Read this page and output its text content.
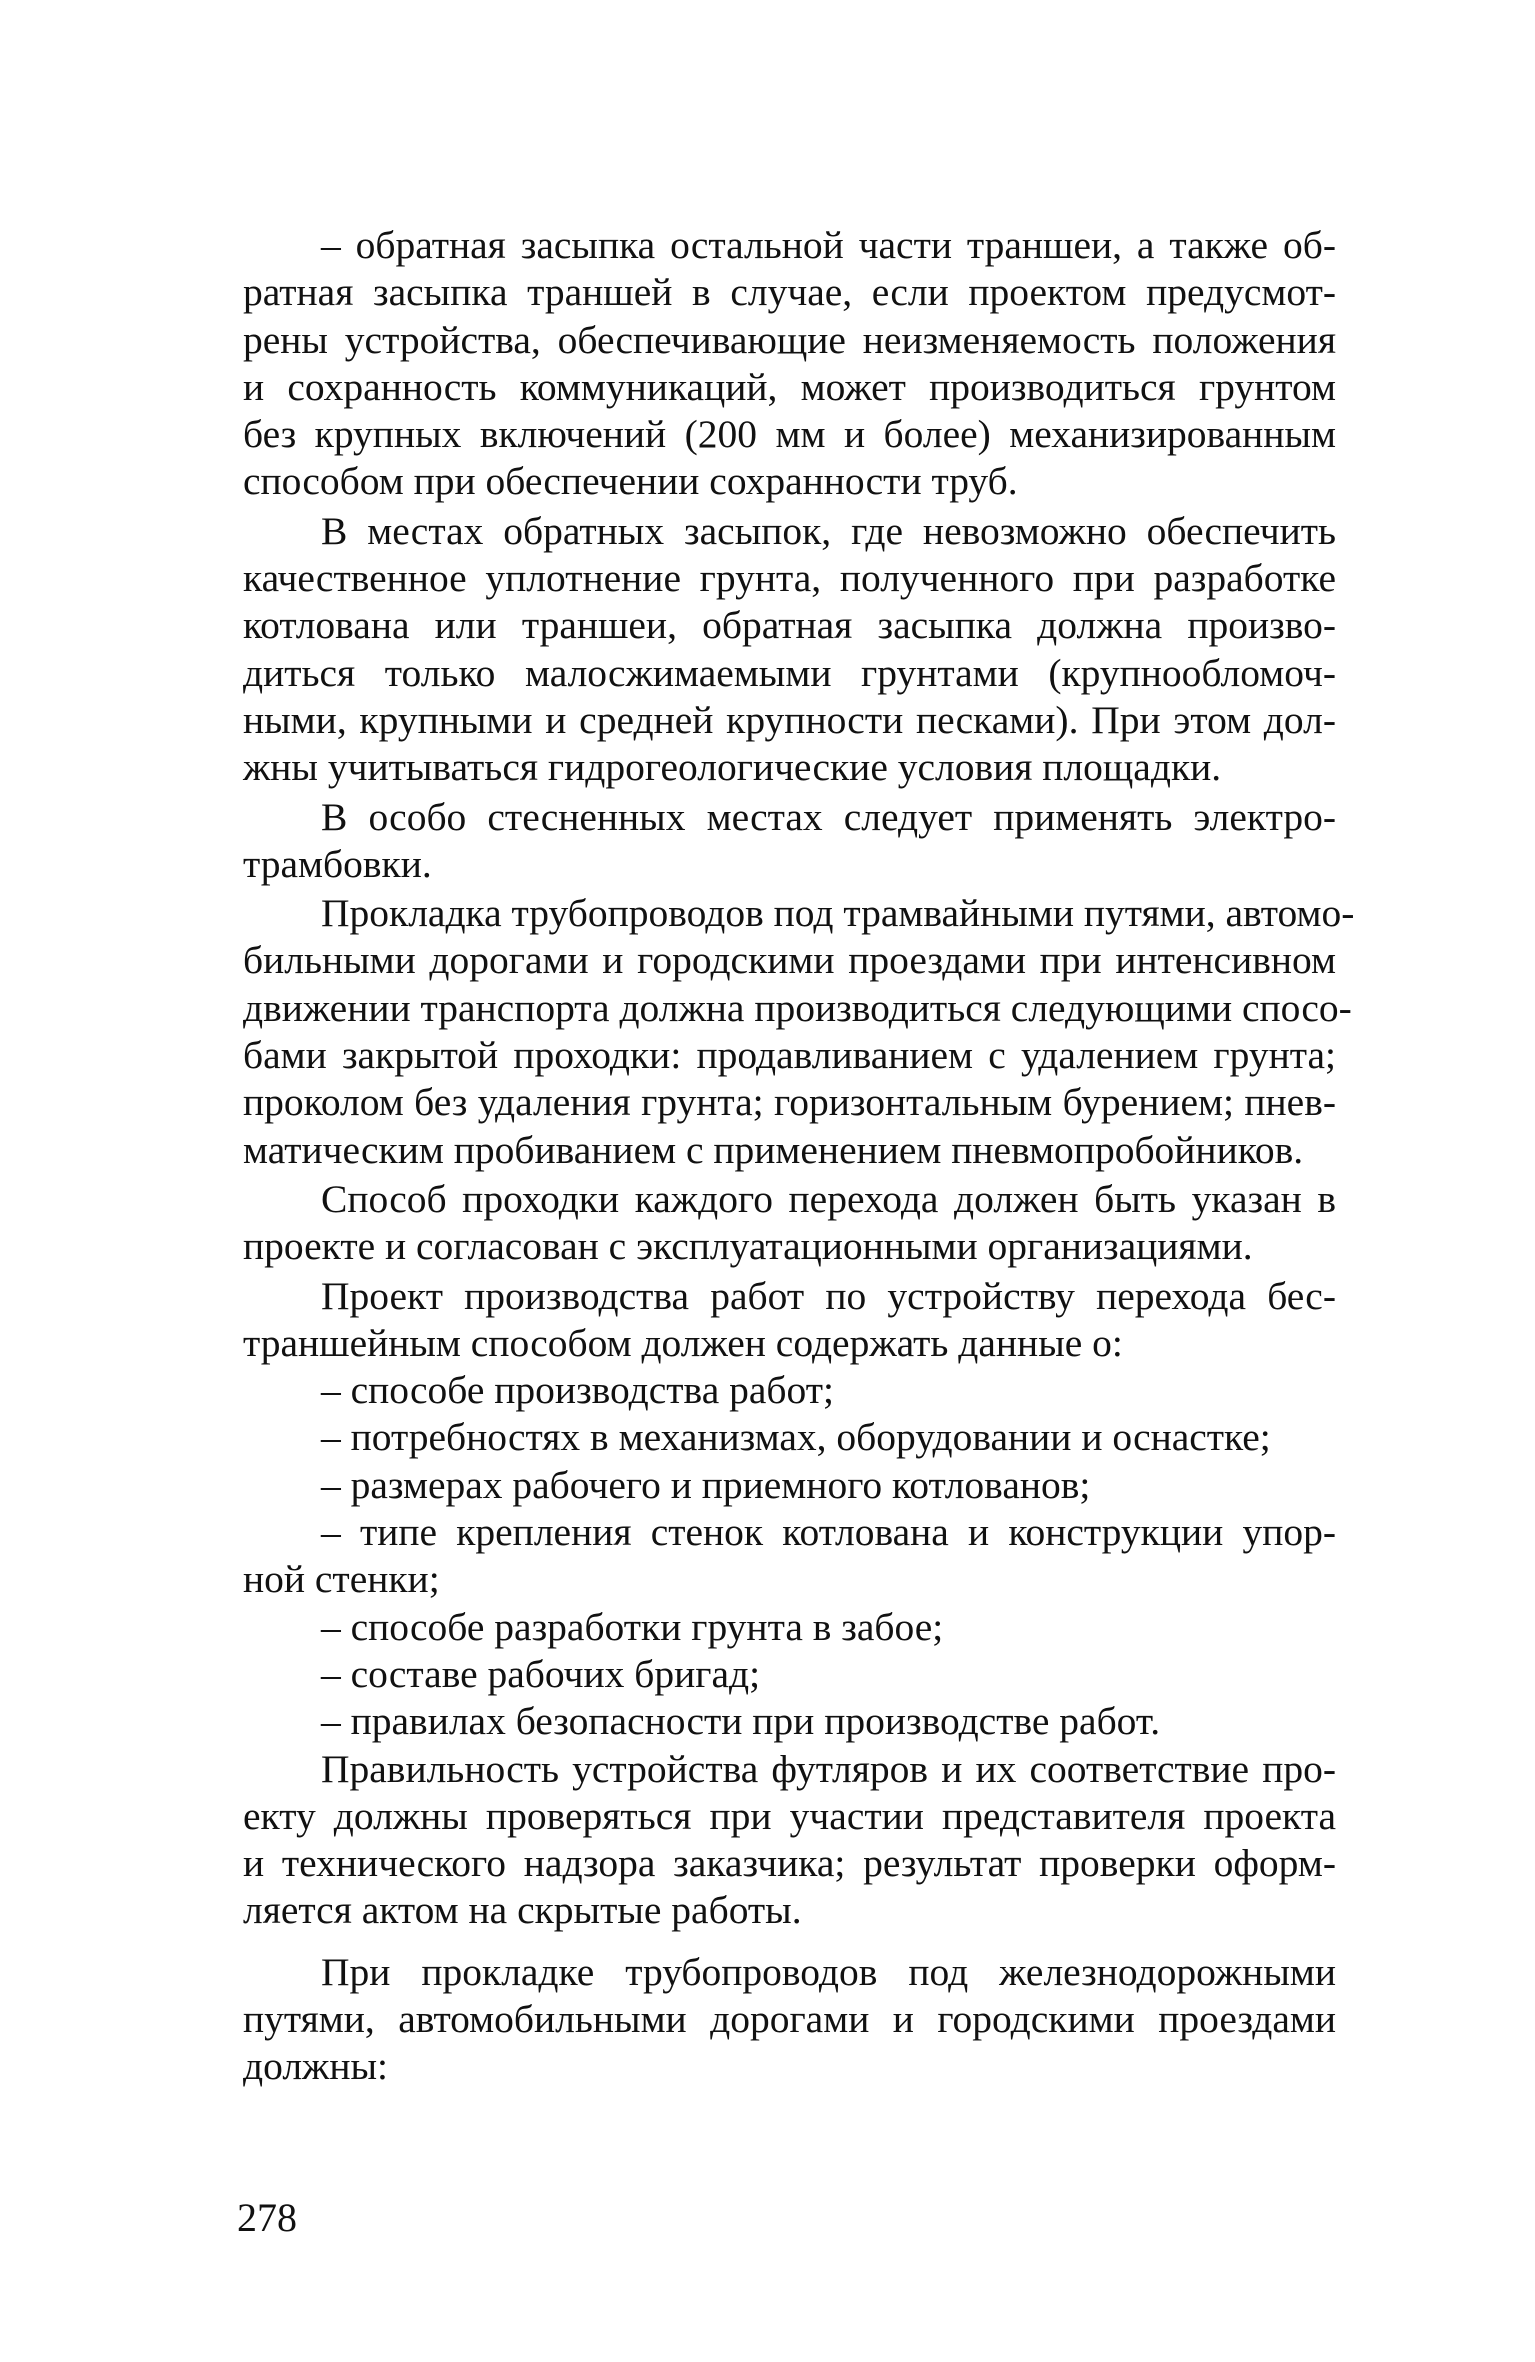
– обратная засыпка остальной части траншеи, а также об-
ратная засыпка траншей в случае, если проектом предусмот-
рены устройства, обеспечивающие неизменяемость положения
и сохранность коммуникаций, может производиться грунтом
без крупных включений (200 мм и более) механизированным
способом при обеспечении сохранности труб.

В местах обратных засыпок, где невозможно обеспечить
качественное уплотнение грунта, полученного при разработке
котлована или траншеи, обратная засыпка должна произво-
диться только малосжимаемыми грунтами (крупнообломоч-
ными, крупными и средней крупности песками). При этом дол-
жны учитываться гидрогеологические условия площадки.

В особо стесненных местах следует применять электро-
трамбовки.

Прокладка трубопроводов под трамвайными путями, автомо-
бильными дорогами и городскими проездами при интенсивном
движении транспорта должна производиться следующими спосо-
бами закрытой проходки: продавливанием с удалением грунта;
проколом без удаления грунта; горизонтальным бурением; пнев-
матическим пробиванием с применением пневмопробойников.

Способ проходки каждого перехода должен быть указан в
проекте и согласован с эксплуатационными организациями.

Проект производства работ по устройству перехода бес-
траншейным способом должен содержать данные о:

– способе производства работ;

– потребностях в механизмах, оборудовании и оснастке;

– размерах рабочего и приемного котлованов;

– типе крепления стенок котлована и конструкции упор-
ной стенки;

– способе разработки грунта в забое;

– составе рабочих бригад;

– правилах безопасности при производстве работ.

Правильность устройства футляров и их соответствие про-
екту должны проверяться при участии представителя проекта
и технического надзора заказчика; результат проверки оформ-
ляется актом на скрытые работы.

При прокладке трубопроводов под железнодорожными
путями, автомобильными дорогами и городскими проездами
должны:

278
